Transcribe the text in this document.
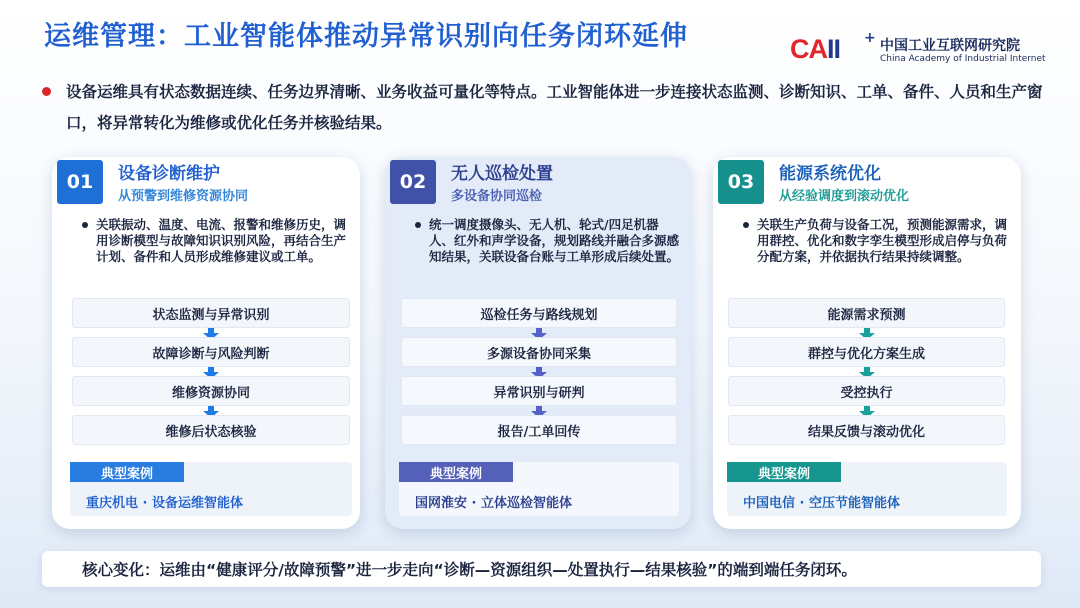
运维管理：工业智能体推动异常识别向任务闭环延伸	CAII + 中国工业互联网研究院
China Academy of Industrial Internet
设备运维具有状态数据连续、任务边界清晰、业务收益可量化等特点。工业智能体进一步连接状态监测、诊断知识、工单、备件、人员和生产窗口，将异常转化为维修或优化任务并核验结果。
01	设备诊断维护
从预警到维修资源协同
关联振动、温度、电流、报警和维修历史，调用诊断模型与故障知识识别风险，再结合生产计划、备件和人员形成维修建议或工单。
状态监测与异常识别
故障诊断与风险判断
维修资源协同
维修后状态核验
典型案例
重庆机电 · 设备运维智能体
02	无人巡检处置
多设备协同巡检
统一调度摄像头、无人机、轮式/四足机器人、红外和声学设备，规划路线并融合多源感知结果，关联设备台账与工单形成后续处置。
巡检任务与路线规划
多源设备协同采集
异常识别与研判
报告/工单回传
典型案例
国网淮安 · 立体巡检智能体
03	能源系统优化
从经验调度到滚动优化
关联生产负荷与设备工况，预测能源需求，调用群控、优化和数字孪生模型形成启停与负荷分配方案，并依据执行结果持续调整。
能源需求预测
群控与优化方案生成
受控执行
结果反馈与滚动优化
典型案例
中国电信 · 空压节能智能体
核心变化：运维由“健康评分/故障预警”进一步走向“诊断—资源组织—处置执行—结果核验”的端到端任务闭环。
